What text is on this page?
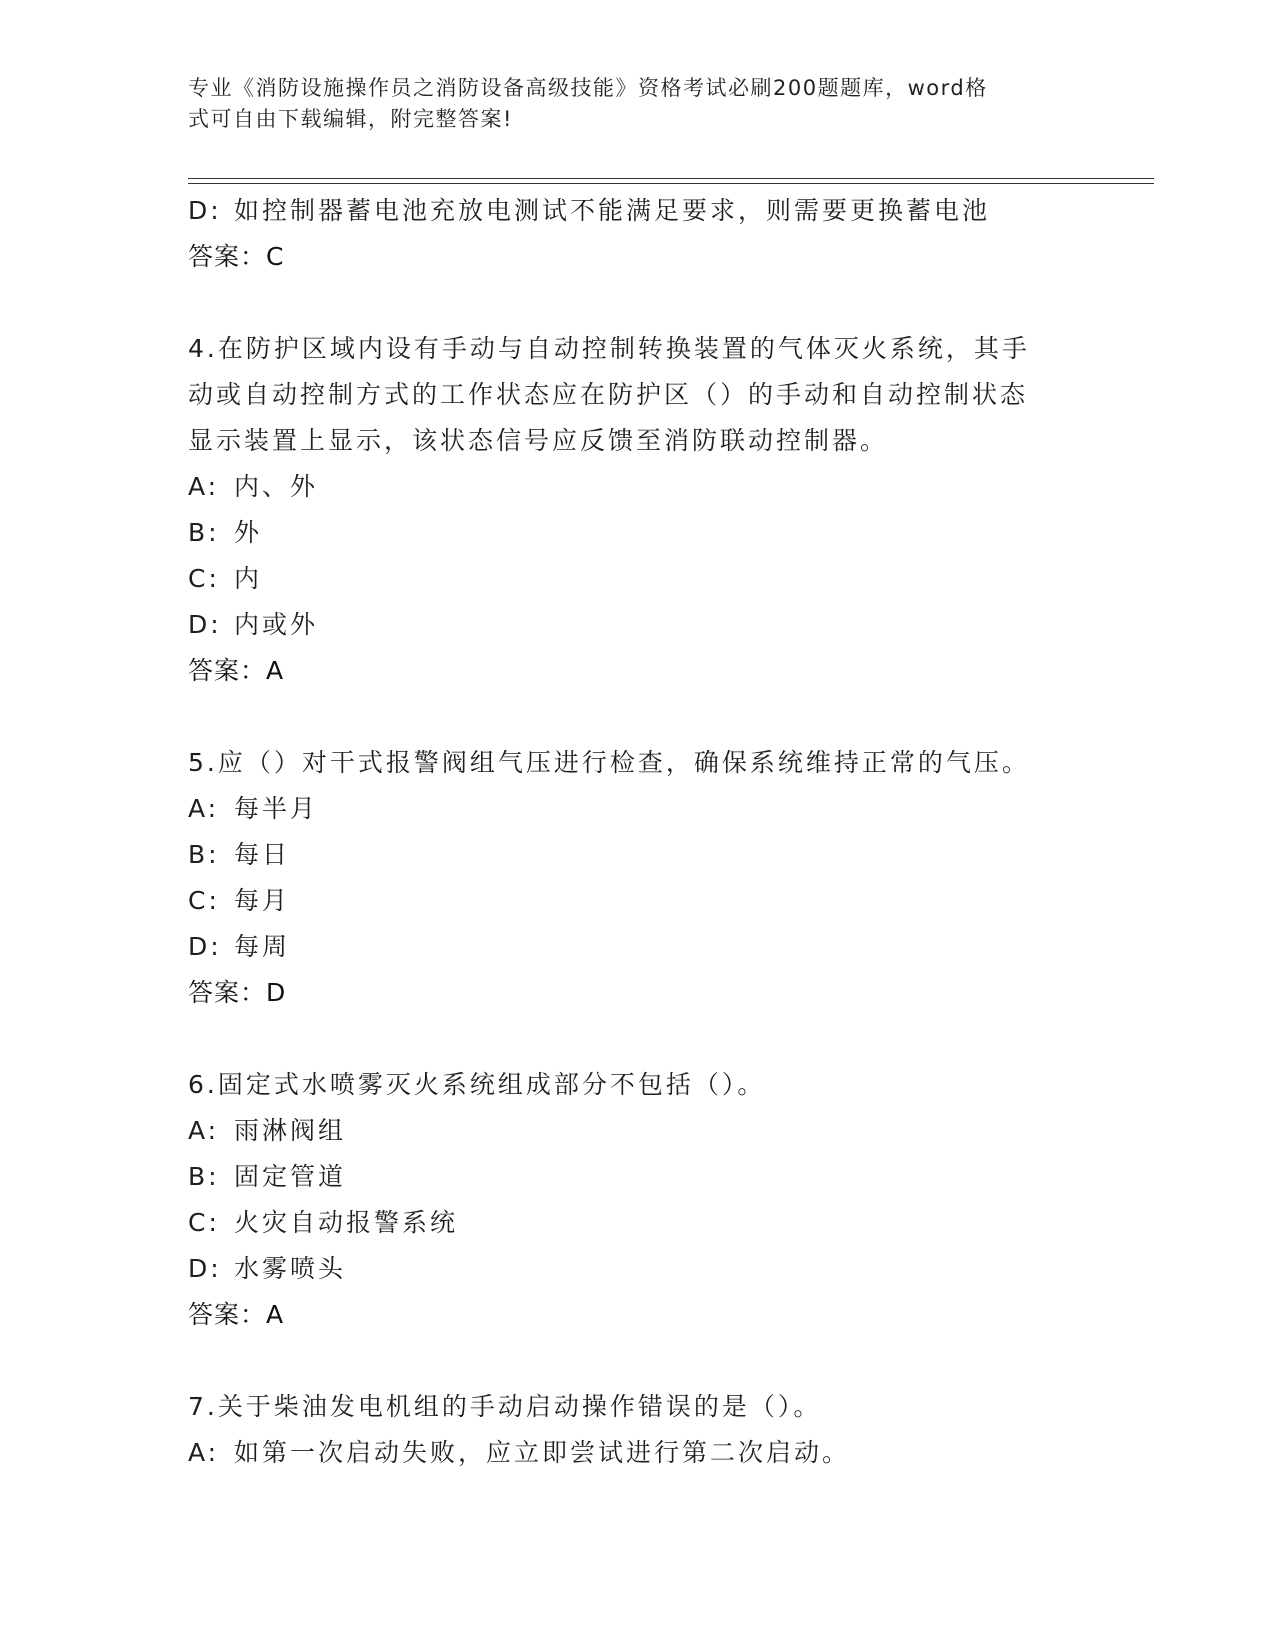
专业《消防设施操作员之消防设备高级技能》资格考试必刷200题题库，word格
式可自由下载编辑，附完整答案!
D: 如控制器蓄电池充放电测试不能满足要求，则需要更换蓄电池
答案：C
4.在防护区域内设有手动与自动控制转换装置的气体灭火系统，其手
动或自动控制方式的工作状态应在防护区（）的手动和自动控制状态
显示装置上显示，该状态信号应反馈至消防联动控制器。
A: 内、外
B: 外
C: 内
D: 内或外
答案：A
5.应（）对干式报警阀组气压进行检查，确保系统维持正常的气压。
A: 每半月
B: 每日
C: 每月
D: 每周
答案：D
6.固定式水喷雾灭火系统组成部分不包括（）。
A: 雨淋阀组
B: 固定管道
C: 火灾自动报警系统
D: 水雾喷头
答案：A
7.关于柴油发电机组的手动启动操作错误的是（）。
A: 如第一次启动失败，应立即尝试进行第二次启动。
